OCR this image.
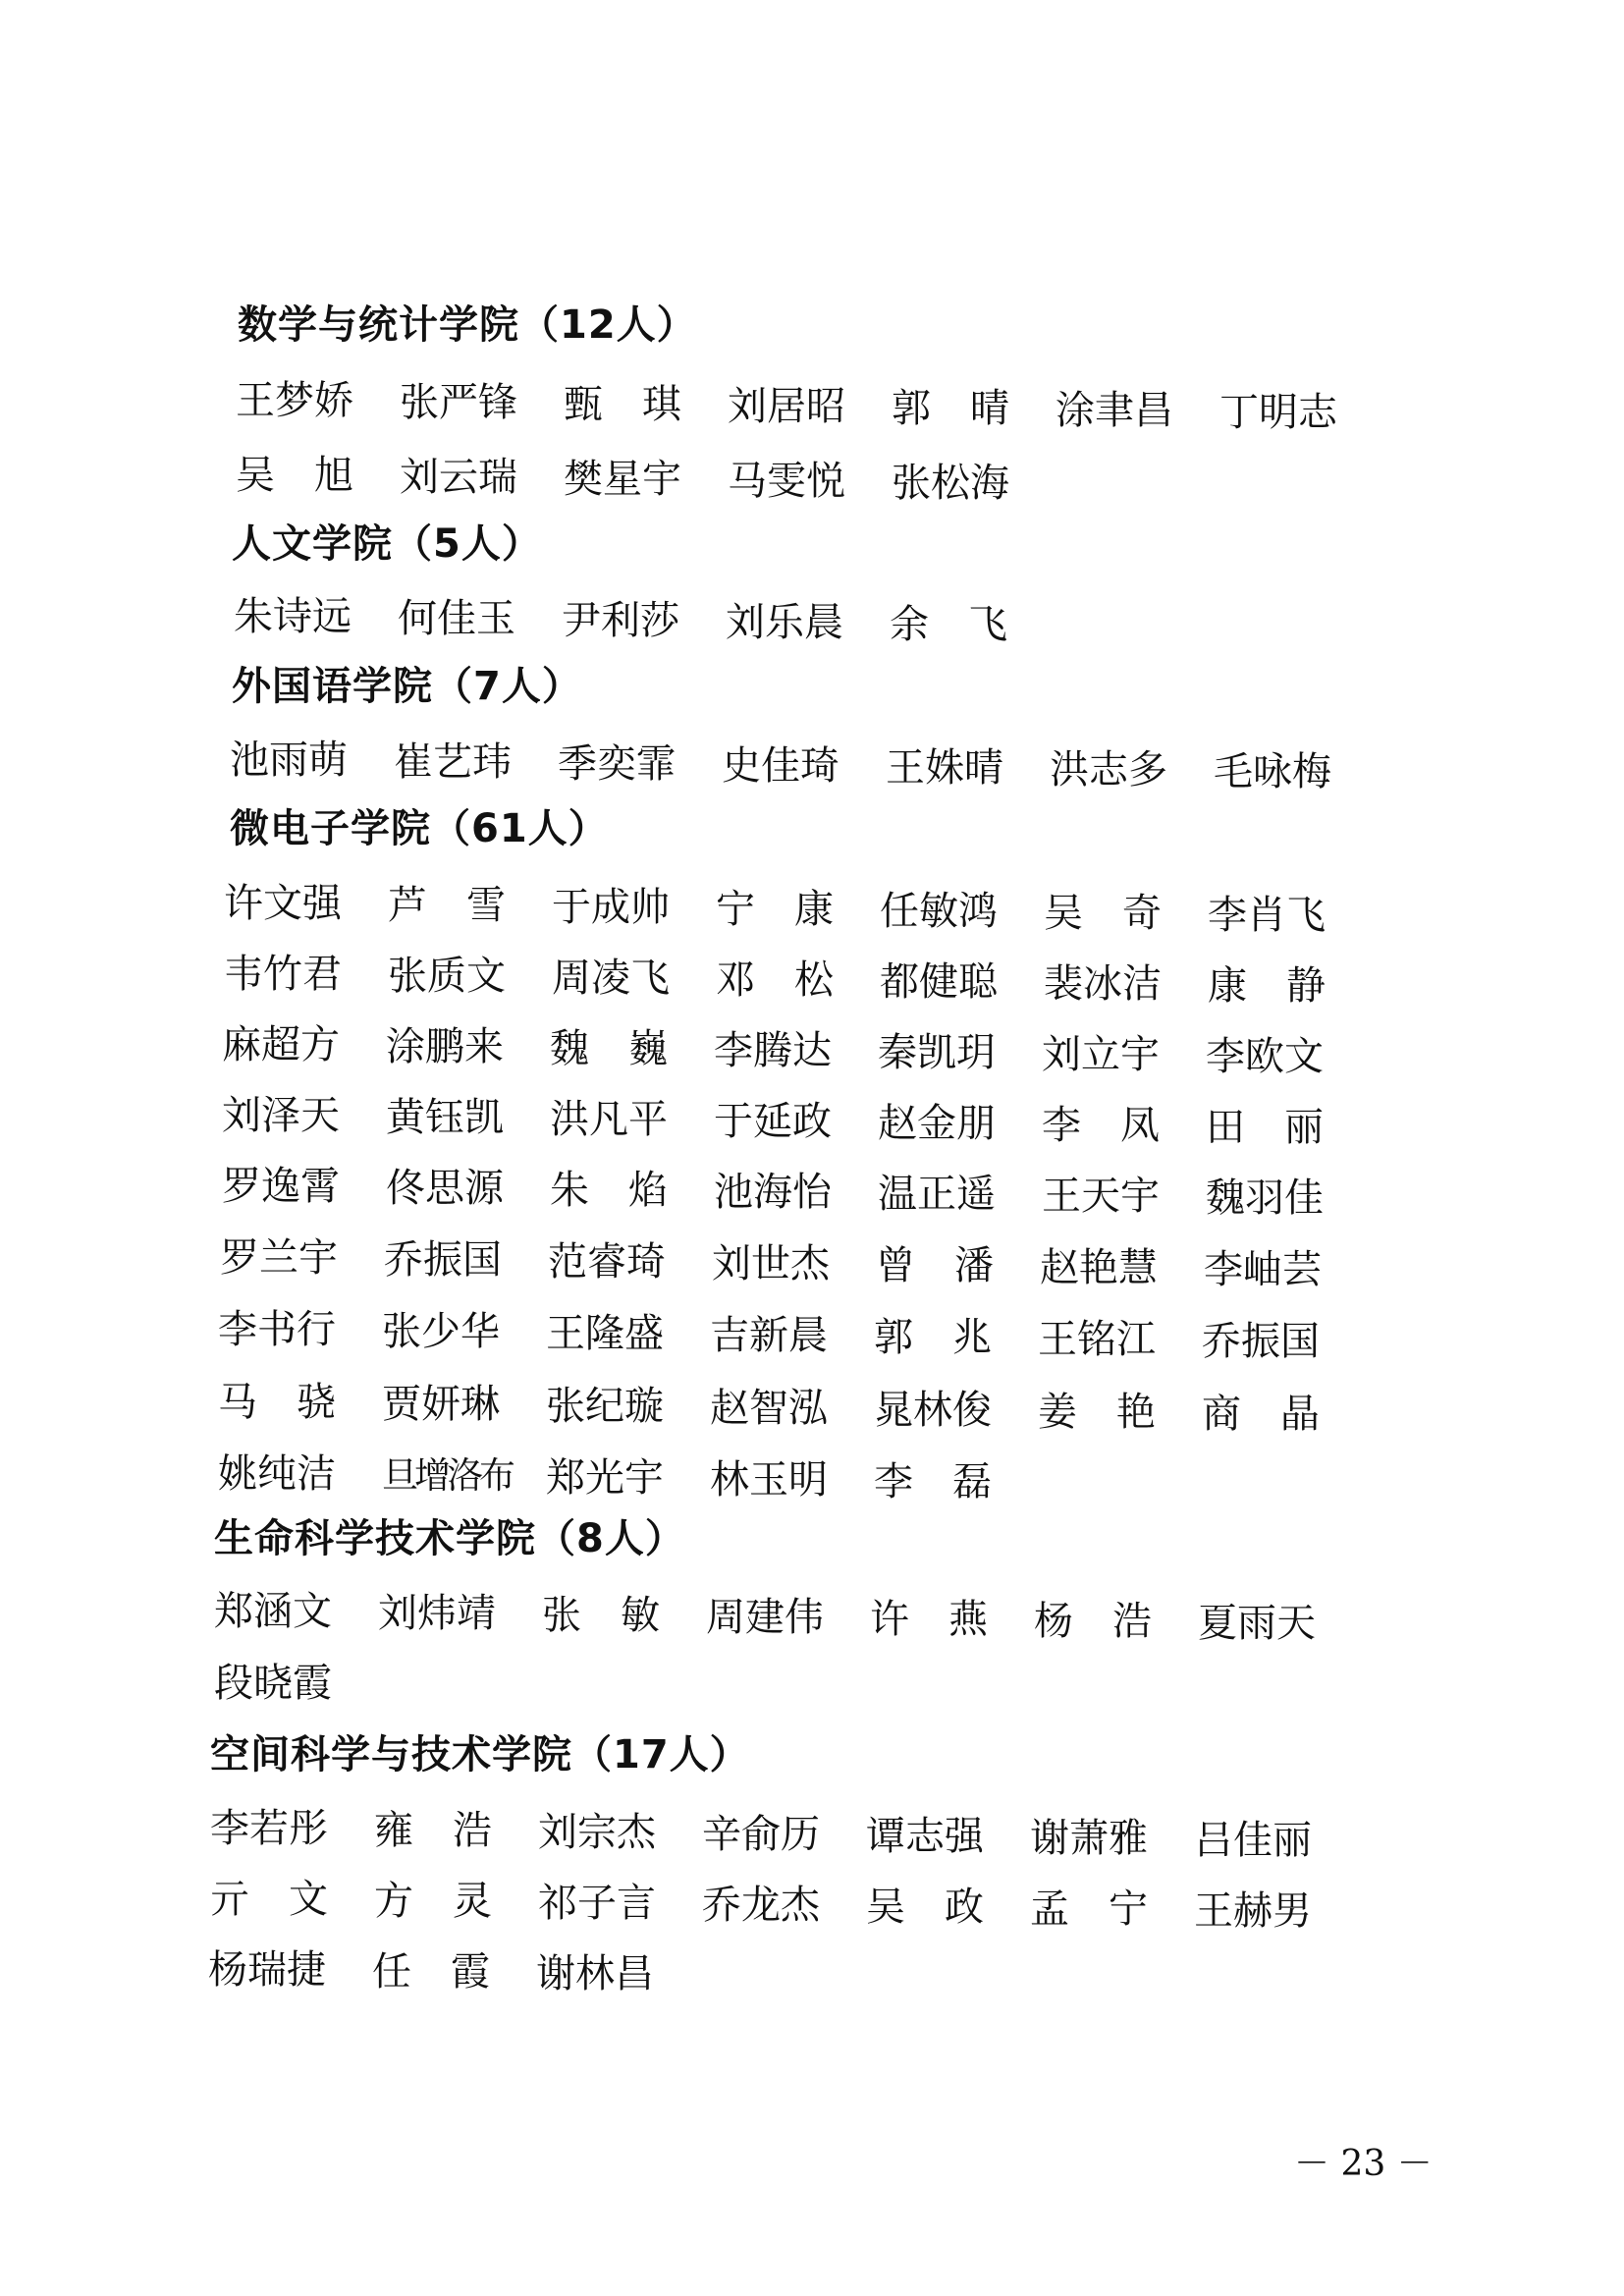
数学与统计学院（12人）
王梦娇 张严锋 甄　琪 刘居昭 郭　晴 涂聿昌 丁明志
吴　旭 刘云瑞 樊星宇 马雯悦 张松海
人文学院（5人）
朱诗远 何佳玉 尹利莎 刘乐晨 余　飞
外国语学院（7人）
池雨萌 崔艺玮 季奕霏 史佳琦 王姝晴 洪志多 毛咏梅
微电子学院（61人）
许文强 芦　雪 于成帅 宁　康 任敏鸿 吴　奇 李肖飞
韦竹君 张质文 周凌飞 邓　松 都健聪 裴冰洁 康　静
麻超方 涂鹏来 魏　巍 李腾达 秦凯玥 刘立宇 李欧文
刘泽天 黄钰凯 洪凡平 于延政 赵金朋 李　凤 田　丽
罗逸霄 佟思源 朱　焰 池海怡 温正遥 王天宇 魏羽佳
罗兰宇 乔振国 范睿琦 刘世杰 曾　潘 赵艳慧 李岫芸
李书行 张少华 王隆盛 吉新晨 郭　兆 王铭江 乔振国
马　骁 贾妍琳 张纪璇 赵智泓 晁林俊 姜　艳 商　晶
姚纯洁 旦增洛布 郑光宇 林玉明 李　磊
生命科学技术学院（8人）
郑涵文 刘炜靖 张　敏 周建伟 许　燕 杨　浩 夏雨天
段晓霞
空间科学与技术学院（17人）
李若彤 雍　浩 刘宗杰 辛俞历 谭志强 谢萧雅 吕佳丽
亓　文 方　灵 祁子言 乔龙杰 吴　政 孟　宁 王赫男
杨瑞捷 任　霞 谢林昌
－ 23 －
